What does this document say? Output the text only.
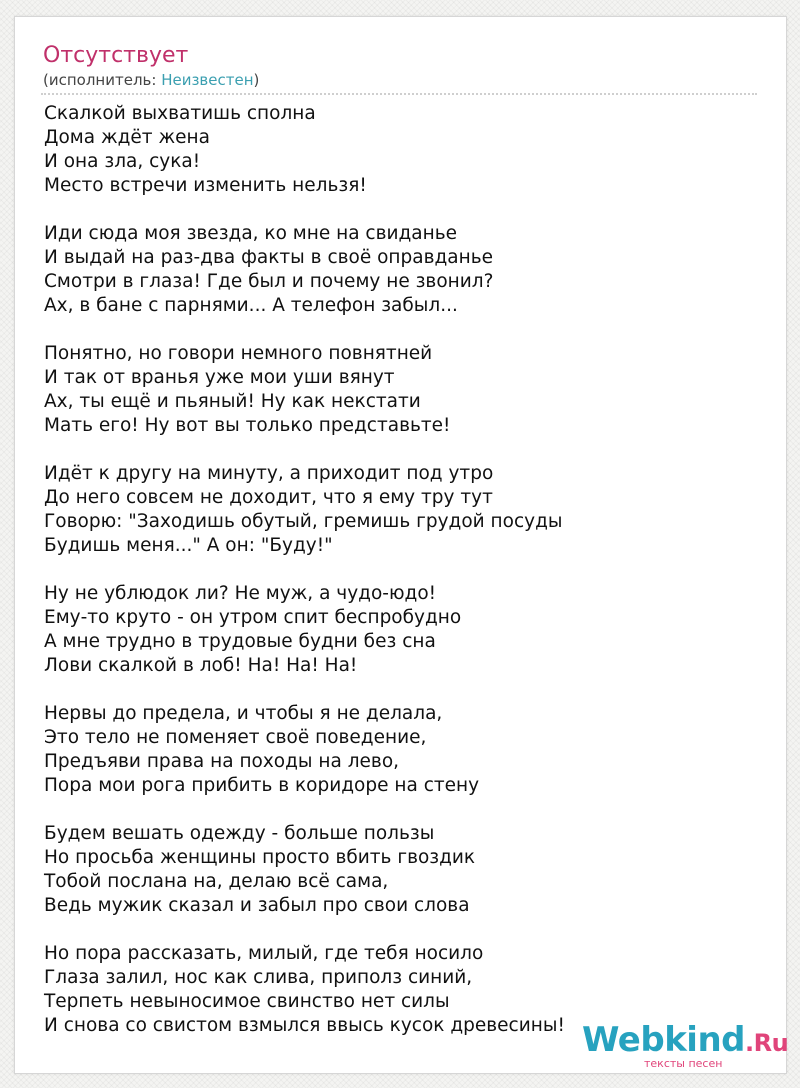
Отсутствует
(исполнитель: Неизвестен)
Скалкой выхватишь сполна
Дома ждёт жена
И она зла, сука!
Место встречи изменить нельзя!
Иди сюда моя звезда, ко мне на свиданье
И выдай на раз-два факты в своё оправданье
Смотри в глаза! Где был и почему не звонил?
Ах, в бане с парнями... А телефон забыл...
Понятно, но говори немного повнятней
И так от вранья уже мои уши вянут
Ах, ты ещё и пьяный! Ну как некстати
Мать его! Ну вот вы только представьте!
Идёт к другу на минуту, а приходит под утро
До него совсем не доходит, что я ему тру тут
Говорю: "Заходишь обутый, гремишь грудой посуды
Будишь меня..." А он: "Буду!"
Ну не ублюдок ли? Не муж, а чудо-юдо!
Ему-то круто - он утром спит беспробудно
А мне трудно в трудовые будни без сна
Лови скалкой в лоб! На! На! На!
Нервы до предела, и чтобы я не делала,
Это тело не поменяет своё поведение,
Предъяви права на походы на лево,
Пора мои рога прибить в коридоре на стену
Будем вешать одежду - больше пользы
Но просьба женщины просто вбить гвоздик
Тобой послана на, делаю всё сама,
Ведь мужик сказал и забыл про свои слова
Но пора рассказать, милый, где тебя носило
Глаза залил, нос как слива, приполз синий,
Терпеть невыносимое свинство нет силы
И снова со свистом взмылся ввысь кусок древесины! Webkind.Ru
тексты песен
